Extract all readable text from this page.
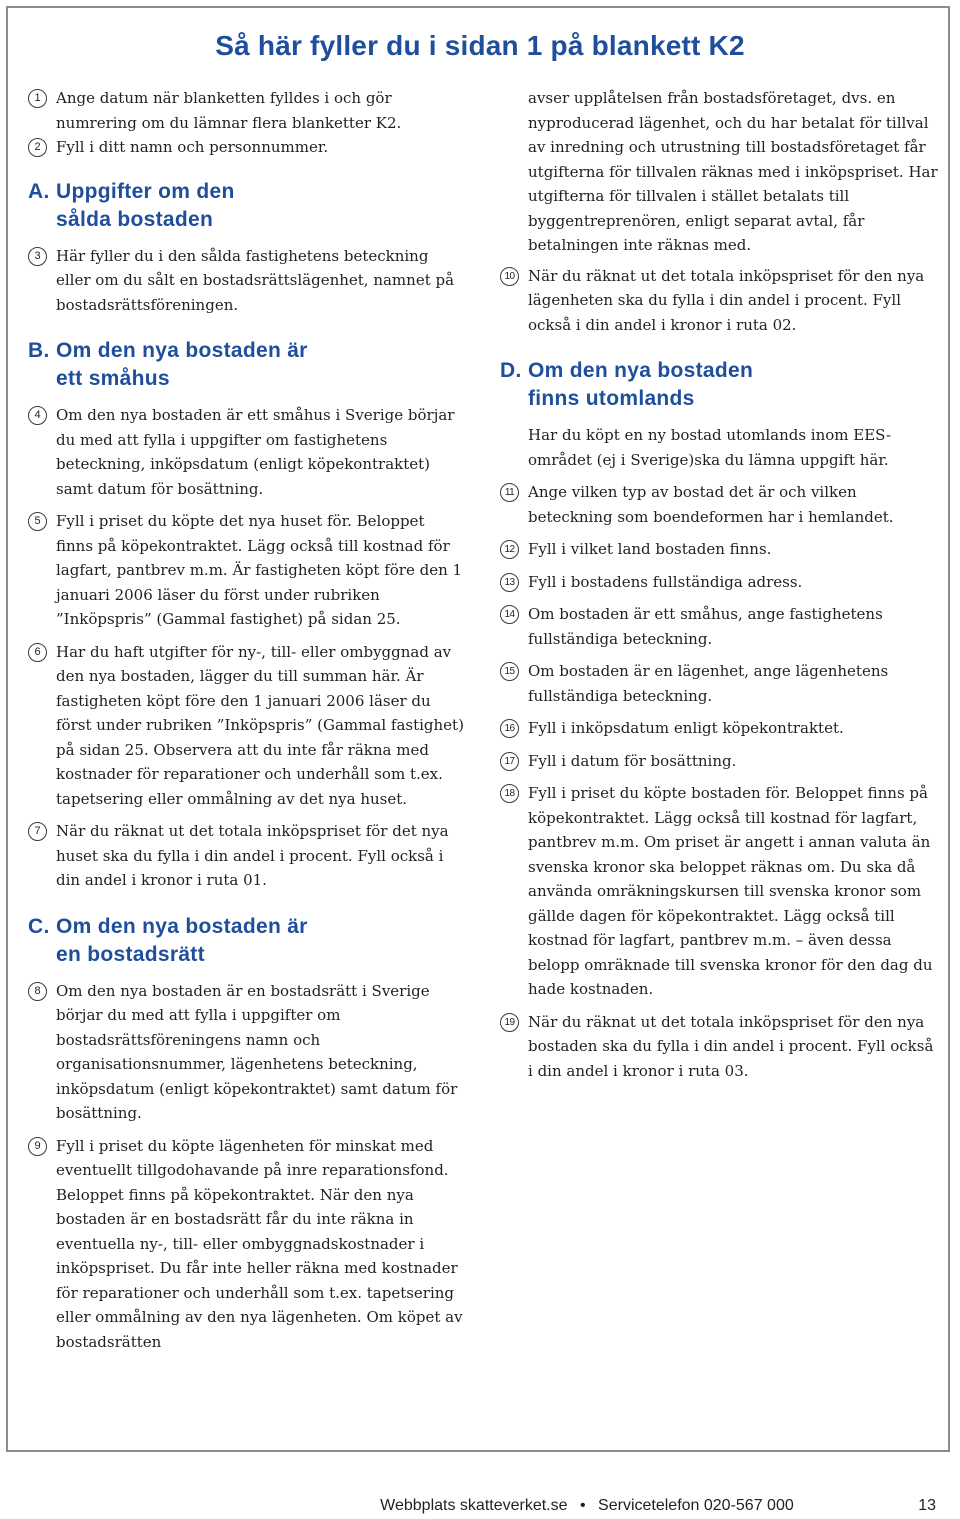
Så här fyller du i sidan 1 på blankett K2
1	Ange datum när blanketten fylldes i och gör numrering om du lämnar flera blanketter K2.
2	Fyll i ditt namn och personnummer.
A. Uppgifter om den sålda bostaden
3	Här fyller du i den sålda fastighetens beteckning eller om du sålt en bostadsrättslägenhet, namnet på bostadsrättsföreningen.
B. Om den nya bostaden är ett småhus
4	Om den nya bostaden är ett småhus i Sverige börjar du med att fylla i uppgifter om fastighetens beteckning, inköpsdatum (enligt köpekontraktet) samt datum för bosättning.
5	Fyll i priset du köpte det nya huset för. Beloppet finns på köpekontraktet. Lägg också till kostnad för lagfart, pantbrev m.m. Är fastigheten köpt före den 1 januari 2006 läser du först under rubriken ”Inköpspris” (Gammal fastighet) på sidan 25.
6	Har du haft utgifter för ny-, till- eller ombyggnad av den nya bostaden, lägger du till summan här. Är fastigheten köpt före den 1 januari 2006 läser du först under rubriken ”Inköpspris” (Gammal fastighet) på sidan 25. Observera att du inte får räkna med kostnader för reparationer och underhåll som t.ex. tapetsering eller ommålning av det nya huset.
7	När du räknat ut det totala inköpspriset för det nya huset ska du fylla i din andel i procent. Fyll också i din andel i kronor i ruta 01.
C. Om den nya bostaden är en bostadsrätt
8	Om den nya bostaden är en bostadsrätt i Sverige börjar du med att fylla i uppgifter om bostadsrättsföreningens namn och organisationsnummer, lägenhetens beteckning, inköpsdatum (enligt köpekontraktet) samt datum för bosättning.
9	Fyll i priset du köpte lägenheten för minskat med eventuellt tillgodohavande på inre reparationsfond. Beloppet finns på köpekontraktet. När den nya bostaden är en bostadsrätt får du inte räkna in eventuella ny-, till- eller ombyggnadskostnader i inköpspriset. Du får inte heller räkna med kostnader för reparationer och underhåll som t.ex. tapetsering eller ommålning av den nya lägenheten. Om köpet av bostadsrätten
avser upplåtelsen från bostadsföretaget, dvs. en nyproducerad lägenhet, och du har betalat för tillval av inredning och utrustning till bostadsföretaget får utgifterna för tillvalen räknas med i inköpspriset. Har utgifterna för tillvalen i stället betalats till byggentreprenören, enligt separat avtal, får betalningen inte räknas med.
10 När du räknat ut det totala inköpspriset för den nya lägenheten ska du fylla i din andel i procent. Fyll också i din andel i kronor i ruta 02.
D. Om den nya bostaden finns utomlands
Har du köpt en ny bostad utomlands inom EES-området (ej i Sverige)ska du lämna uppgift här.
11 Ange vilken typ av bostad det är och vilken beteckning som boendeformen har i hemlandet.
12 Fyll i vilket land bostaden finns.
13 Fyll i bostadens fullständiga adress.
14 Om bostaden är ett småhus, ange fastighetens fullständiga beteckning.
15 Om bostaden är en lägenhet, ange lägenhetens fullständiga beteckning.
16 Fyll i inköpsdatum enligt köpekontraktet.
17 Fyll i datum för bosättning.
18 Fyll i priset du köpte bostaden för. Beloppet finns på köpekontraktet. Lägg också till kostnad för lagfart, pantbrev m.m. Om priset är angett i annan valuta än svenska kronor ska beloppet räknas om. Du ska då använda omräkningskursen till svenska kronor som gällde dagen för köpekontraktet. Lägg också till kostnad för lagfart, pantbrev m.m. – även dessa belopp omräknade till svenska kronor för den dag du hade kostnaden.
19 När du räknat ut det totala inköpspriset för den nya bostaden ska du fylla i din andel i procent. Fyll också i din andel i kronor i ruta 03.
Webbplats skatteverket.se • Servicetelefon 020-567 000	13
